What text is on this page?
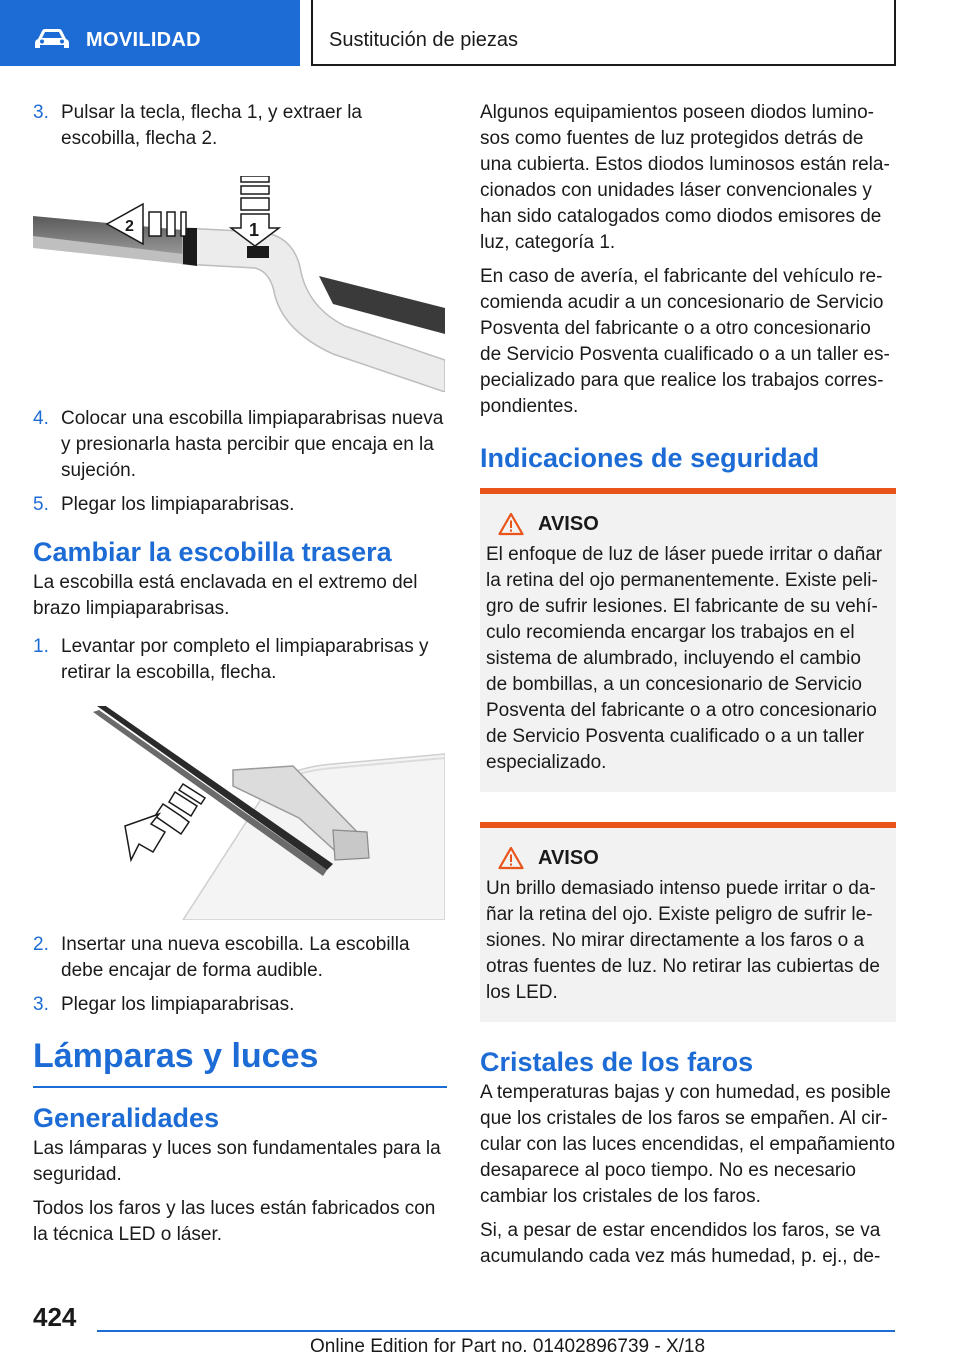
MOVILIDAD	Sustitución de piezas
3. Pulsar la tecla, flecha 1, y extraer la escobilla, flecha 2.
1
2
4. Colocar una escobilla limpiaparabrisas nueva y presionarla hasta percibir que encaja en la sujeción.
5. Plegar los limpiaparabrisas.
Cambiar la escobilla trasera

La escobilla está enclavada en el extremo del brazo limpiaparabrisas.

1. Levantar por completo el limpiaparabrisas y retirar la escobilla, flecha.
2. Insertar una nueva escobilla. La escobilla debe encajar de forma audible.
3. Plegar los limpiaparabrisas.
Lámparas y luces
Generalidades

Las lámparas y luces son fundamentales para la seguridad.

Todos los faros y las luces están fabricados con la técnica LED o láser.

Algunos equipamientos poseen diodos luminosos como fuentes de luz protegidos detrás de una cubierta. Estos diodos luminosos están relacionados con unidades láser convencionales y han sido catalogados como diodos emisores de luz, categoría 1.

En caso de avería, el fabricante del vehículo recomienda acudir a un concesionario de Servicio Posventa del fabricante o a otro concesionario de Servicio Posventa cualificado o a un taller especializado para que realice los trabajos correspondientes.

Indicaciones de seguridad
AVISO

El enfoque de luz de láser puede irritar o dañar la retina del ojo permanentemente. Existe peligro de sufrir lesiones. El fabricante de su vehículo recomienda encargar los trabajos en el sistema de alumbrado, incluyendo el cambio de bombillas, a un concesionario de Servicio Posventa del fabricante o a otro concesionario de Servicio Posventa cualificado o a un taller especializado.

AVISO

Un brillo demasiado intenso puede irritar o dañar la retina del ojo. Existe peligro de sufrir lesiones. No mirar directamente a los faros o a otras fuentes de luz. No retirar las cubiertas de los LED.

Cristales de los faros

A temperaturas bajas y con humedad, es posible que los cristales de los faros se empañen. Al circular con las luces encendidas, el empañamiento desaparece al poco tiempo. No es necesario cambiar los cristales de los faros.

Si, a pesar de estar encendidos los faros, se va acumulando cada vez más humedad, p. ej., de-

424
Online Edition for Part no. 01402896739 - X/18
